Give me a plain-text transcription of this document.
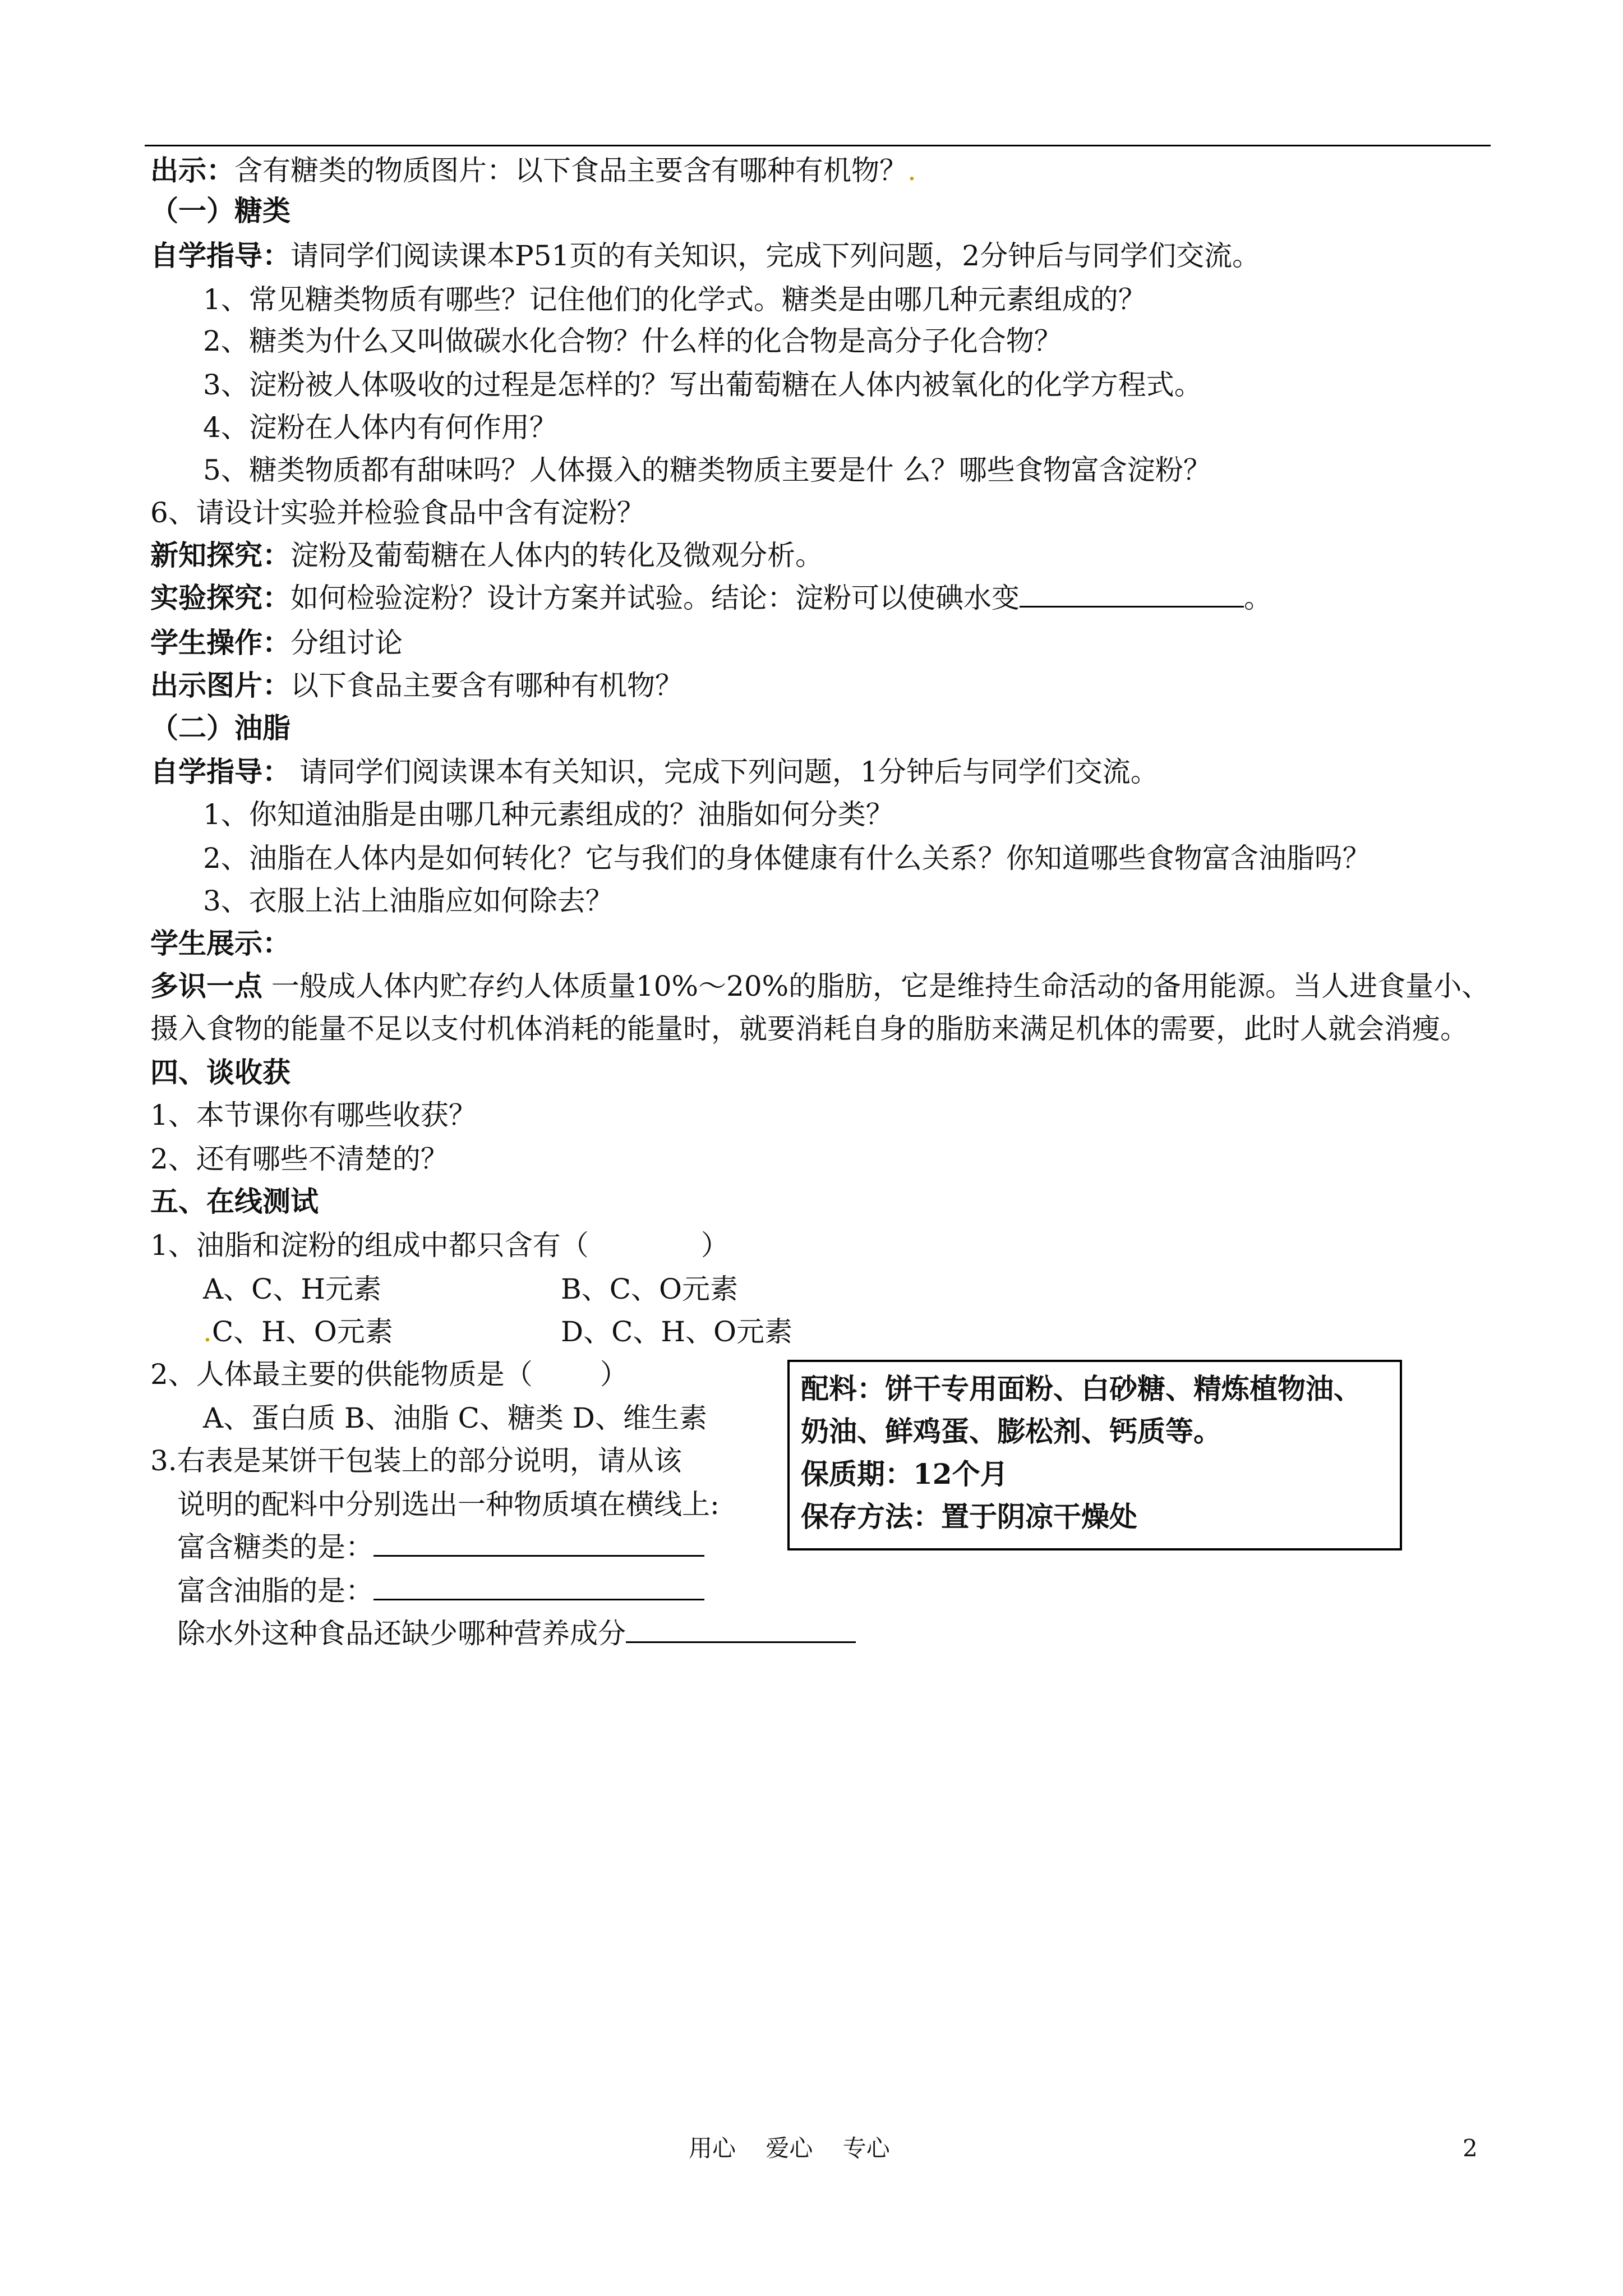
出示：含有糖类的物质图片：以下食品主要含有哪种有机物？.
（一）糖类
自学指导：请同学们阅读课本P51页的有关知识，完成下列问题，2分钟后与同学们交流。
1、常见糖类物质有哪些？记住他们的化学式。糖类是由哪几种元素组成的？
2、糖类为什么又叫做碳水化合物？什么样的化合物是高分子化合物？
3、淀粉被人体吸收的过程是怎样的？写出葡萄糖在人体内被氧化的化学方程式。
4、淀粉在人体内有何作用？
5、糖类物质都有甜味吗？人体摄入的糖类物质主要是什 么？哪些食物富含淀粉？
6、请设计实验并检验食品中含有淀粉？
新知探究：淀粉及葡萄糖在人体内的转化及微观分析。
实验探究：如何检验淀粉？设计方案并试验。结论：淀粉可以使碘水变	。
学生操作：分组讨论
出示图片：以下食品主要含有哪种有机物？
（二）油脂
自学指导： 请同学们阅读课本有关知识，完成下列问题，1分钟后与同学们交流。
1、你知道油脂是由哪几种元素组成的？油脂如何分类？
2、油脂在人体内是如何转化？它与我们的身体健康有什么关系？你知道哪些食物富含油脂吗？
3、衣服上沾上油脂应如何除去？
学生展示：
多识一点 一般成人体内贮存约人体质量10%～20%的脂肪，它是维持生命活动的备用能源。当人进食量小、
摄入食物的能量不足以支付机体消耗的能量时，就要消耗自身的脂肪来满足机体的需要，此时人就会消瘦。
四、谈收获
1、本节课你有哪些收获？
2、还有哪些不清楚的？
五、在线测试
1、油脂和淀粉的组成中都只含有（	）
A、C、H元素	B、C、O元素
.C、H、O元素	D、C、H、O元素
2、人体最主要的供能物质是（ ）
A、蛋白质 B、油脂 C、糖类 D、维生素
3.右表是某饼干包装上的部分说明，请从该
说明的配料中分别选出一种物质填在横线上:
富含糖类的是：
富含油脂的是：
除水外这种食品还缺少哪种营养成分
配料：饼干专用面粉、白砂糖、精炼植物油、奶油、鲜鸡蛋、膨松剂、钙质等。
保质期：12个月
保存方法：置于阴凉干燥处
用心 爱心 专心	2
